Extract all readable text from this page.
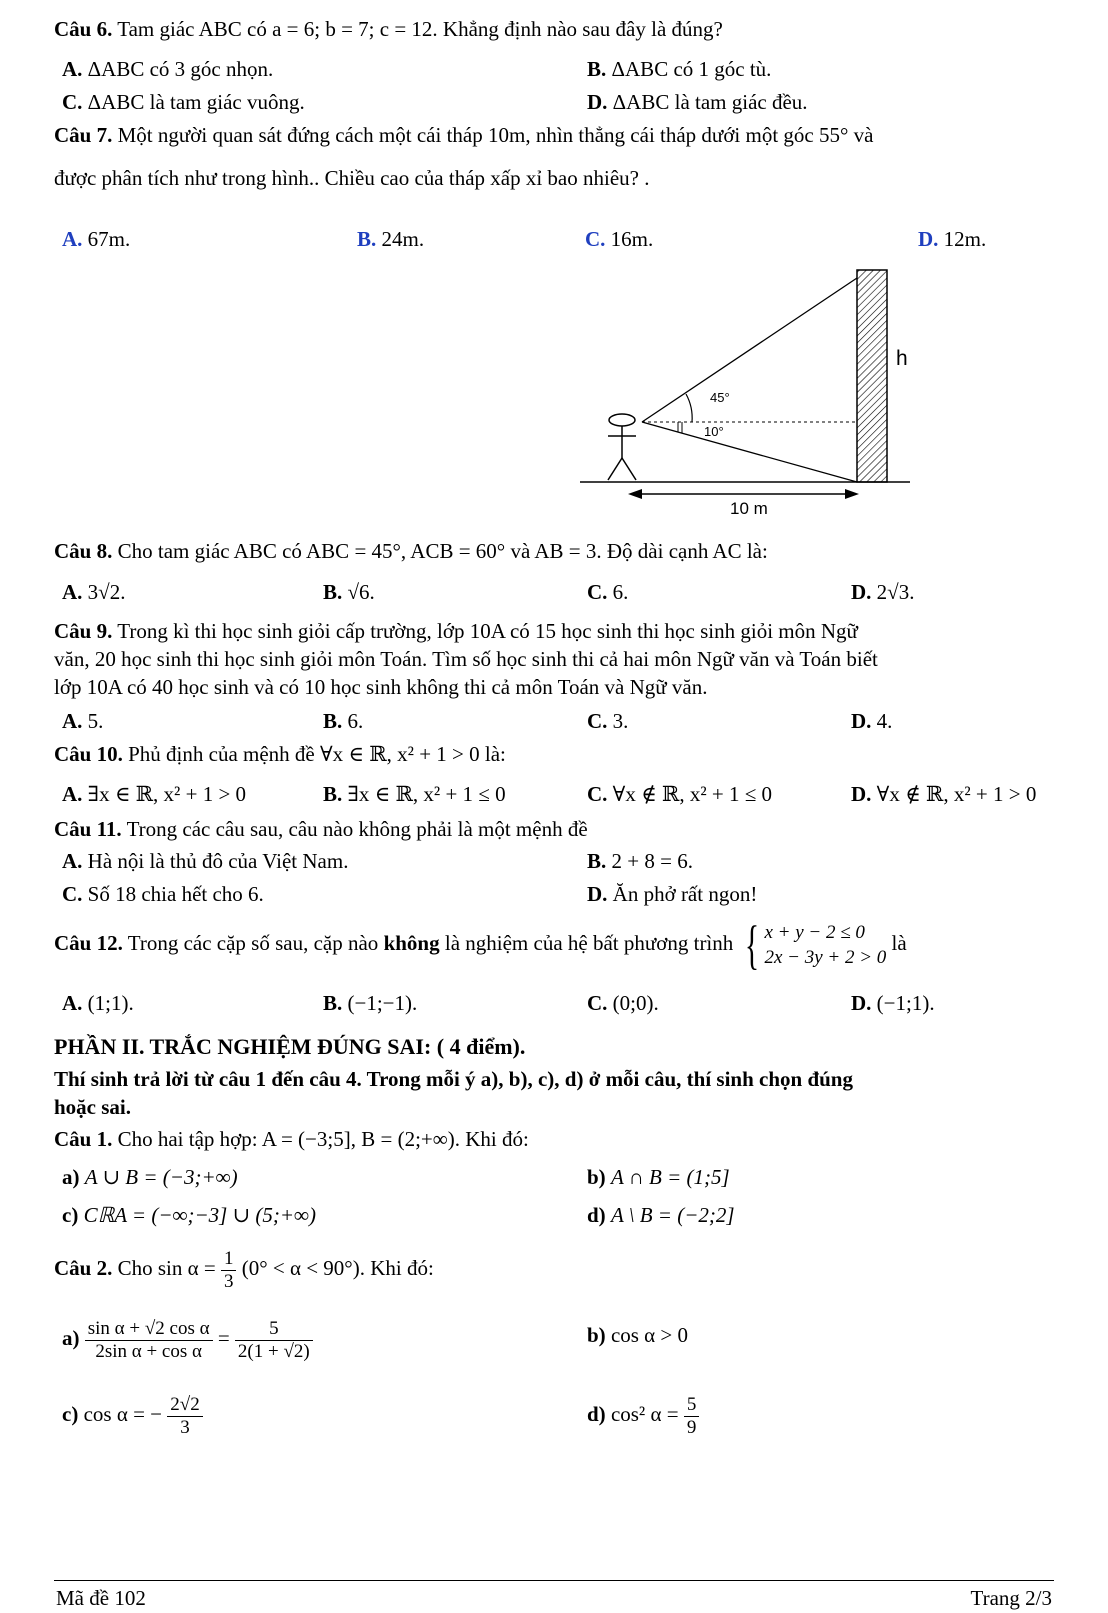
Câu 6. Tam giác ABC có a = 6; b = 7; c = 12. Khẳng định nào sau đây là đúng?
A. ΔABC có 3 góc nhọn.	B. ΔABC có 1 góc tù.
C. ΔABC là tam giác vuông.	D. ΔABC là tam giác đều.
Câu 7. Một người quan sát đứng cách một cái tháp 10m, nhìn thẳng cái tháp dưới một góc 55° và
được phân tích như trong hình.. Chiều cao của tháp xấp xỉ bao nhiêu? .
A. 67m.	B. 24m.	C. 16m.	D. 12m.
45°
10°
h
10 m
Câu 8. Cho tam giác ABC có ABC = 45°, ACB = 60° và AB = 3. Độ dài cạnh AC là:
A. 3√2.	B. √6.	C. 6.	D. 2√3.
Câu 9. Trong kì thi học sinh giỏi cấp trường, lớp 10A có 15 học sinh thi học sinh giỏi môn Ngữ
văn, 20 học sinh thi học sinh giỏi môn Toán. Tìm số học sinh thi cả hai môn Ngữ văn và Toán biết
lớp 10A có 40 học sinh và có 10 học sinh không thi cả môn Toán và Ngữ văn.
A. 5.	B. 6.	C. 3.	D. 4.
Câu 10. Phủ định của mệnh đề ∀x ∈ ℝ, x² + 1 > 0 là:
A. ∃x ∈ ℝ, x² + 1 > 0	B. ∃x ∈ ℝ, x² + 1 ≤ 0	C. ∀x ∉ ℝ, x² + 1 ≤ 0	D. ∀x ∉ ℝ, x² + 1 > 0
Câu 11. Trong các câu sau, câu nào không phải là một mệnh đề
A. Hà nội là thủ đô của Việt Nam.	B. 2 + 8 = 6.
C. Số 18 chia hết cho 6.	D. Ăn phở rất ngon!
Câu 12. Trong các cặp số sau, cặp nào không là nghiệm của hệ bất phương trình { x + y − 2 ≤ 0
2x − 3y + 2 > 0
là
A. (1;1).	B. (−1;−1).	C. (0;0).	D. (−1;1).
PHẦN II. TRẮC NGHIỆM ĐÚNG SAI: ( 4 điểm).
Thí sinh trả lời từ câu 1 đến câu 4. Trong mỗi ý a), b), c), d) ở mỗi câu, thí sinh chọn đúng
hoặc sai.
Câu 1. Cho hai tập hợp: A = (−3;5], B = (2;+∞). Khi đó:
a) A ∪ B = (−3;+∞)	b) A ∩ B = (1;5]
c) CℝA = (−∞;−3] ∪ (5;+∞)	d) A \ B = (−2;2]
Câu 2. Cho $\sin \alpha = \frac{1}{3} (0^\circ < \alpha < 90^\circ)$. Khi đó:
$a) \frac{\text{sin α + √2 cos α}}{\text{2sin α + cos α}} = \frac{5}{2(1 + √2)}$	b) cos α > 0
c) cos α = − $\frac{2√2}{3}$	d) cos² $\alpha = \frac{5}{9}$
Mã đề 102	Trang 2/3
